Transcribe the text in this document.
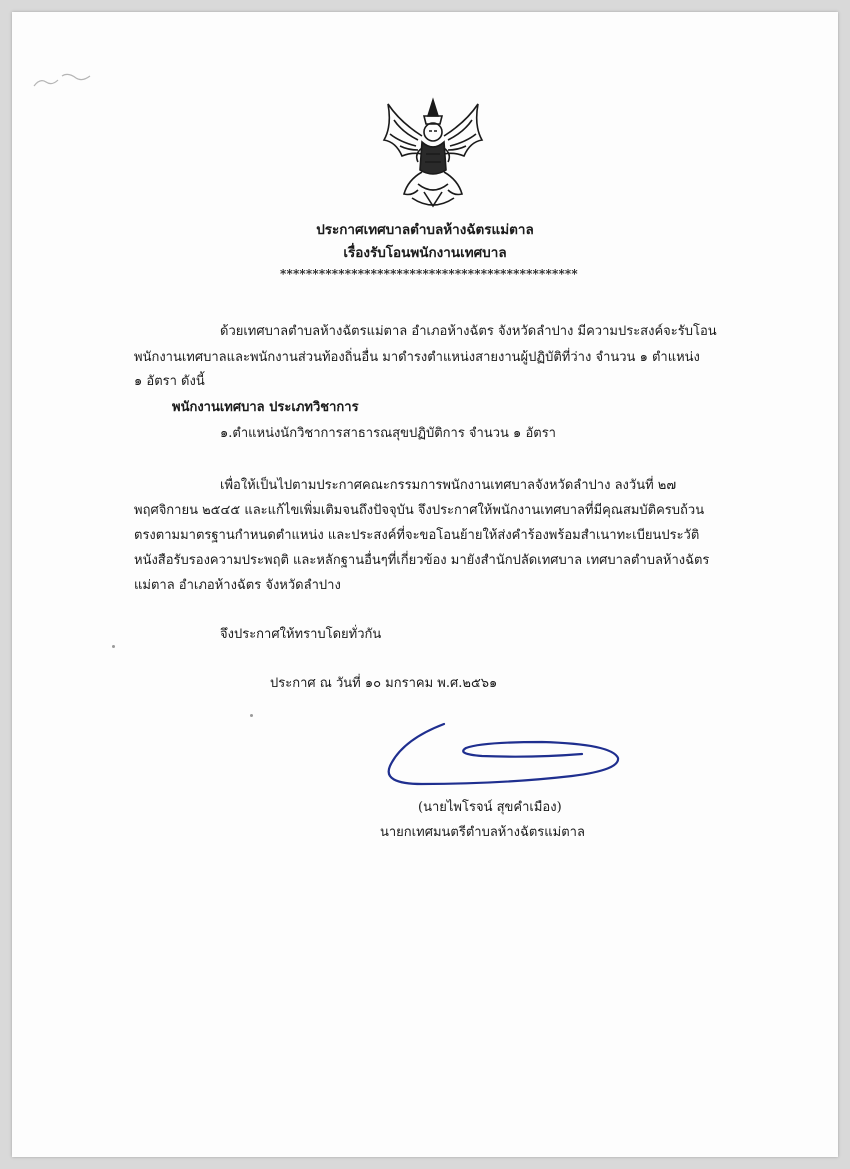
ประกาศเทศบาลตำบลห้างฉัตรแม่ตาล
เรื่องรับโอนพนักงานเทศบาล
**********************************************
ด้วยเทศบาลตำบลห้างฉัตรแม่ตาล อำเภอห้างฉัตร จังหวัดลำปาง มีความประสงค์จะรับโอน
พนักงานเทศบาลและพนักงานส่วนท้องถิ่นอื่น มาดำรงตำแหน่งสายงานผู้ปฏิบัติที่ว่าง จำนวน ๑ ตำแหน่ง
๑ อัตรา ดังนี้
พนักงานเทศบาล ประเภทวิชาการ
๑.ตำแหน่งนักวิชาการสาธารณสุขปฏิบัติการ จำนวน ๑ อัตรา
เพื่อให้เป็นไปตามประกาศคณะกรรมการพนักงานเทศบาลจังหวัดลำปาง ลงวันที่ ๒๗
พฤศจิกายน ๒๕๔๕ และแก้ไขเพิ่มเติมจนถึงปัจจุบัน จึงประกาศให้พนักงานเทศบาลที่มีคุณสมบัติครบถ้วน
ตรงตามมาตรฐานกำหนดตำแหน่ง และประสงค์ที่จะขอโอนย้ายให้ส่งคำร้องพร้อมสำเนาทะเบียนประวัติ
หนังสือรับรองความประพฤติ และหลักฐานอื่นๆที่เกี่ยวข้อง มายังสำนักปลัดเทศบาล เทศบาลตำบลห้างฉัตร
แม่ตาล อำเภอห้างฉัตร จังหวัดลำปาง
จึงประกาศให้ทราบโดยทั่วกัน
ประกาศ ณ วันที่ ๑๐ มกราคม พ.ศ.๒๕๖๑
(นายไพโรจน์ สุขคำเมือง)
นายกเทศมนตรีตำบลห้างฉัตรแม่ตาล
